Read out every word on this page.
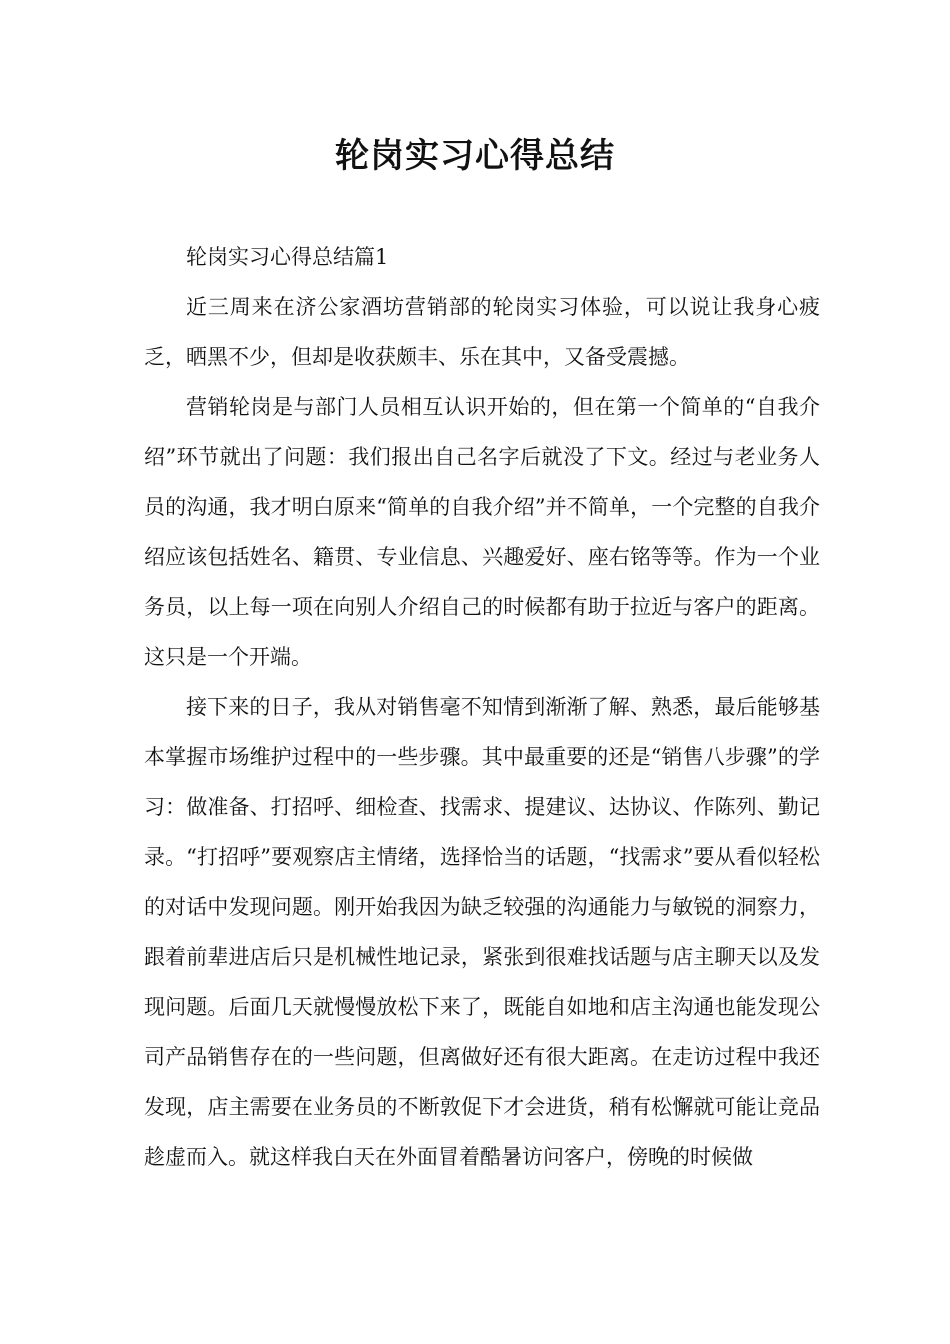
轮岗实习心得总结

轮岗实习心得总结篇1

近三周来在济公家酒坊营销部的轮岗实习体验，可以说让我身心疲乏，晒黑不少，但却是收获颇丰、乐在其中，又备受震撼。

营销轮岗是与部门人员相互认识开始的，但在第一个简单的“自我介绍”环节就出了问题：我们报出自己名字后就没了下文。经过与老业务人员的沟通，我才明白原来“简单的自我介绍”并不简单，一个完整的自我介绍应该包括姓名、籍贯、专业信息、兴趣爱好、座右铭等等。作为一个业务员，以上每一项在向别人介绍自己的时候都有助于拉近与客户的距离。这只是一个开端。

接下来的日子，我从对销售毫不知情到渐渐了解、熟悉，最后能够基本掌握市场维护过程中的一些步骤。其中最重要的还是“销售八步骤”的学习：做准备、打招呼、细检查、找需求、提建议、达协议、作陈列、勤记录。“打招呼”要观察店主情绪，选择恰当的话题，“找需求”要从看似轻松的对话中发现问题。刚开始我因为缺乏较强的沟通能力与敏锐的洞察力，跟着前辈进店后只是机械性地记录，紧张到很难找话题与店主聊天以及发现问题。后面几天就慢慢放松下来了，既能自如地和店主沟通也能发现公司产品销售存在的一些问题，但离做好还有很大距离。在走访过程中我还发现，店主需要在业务员的不断敦促下才会进货，稍有松懈就可能让竞品趁虚而入。就这样我白天在外面冒着酷暑访问客户，傍晚的时候做
